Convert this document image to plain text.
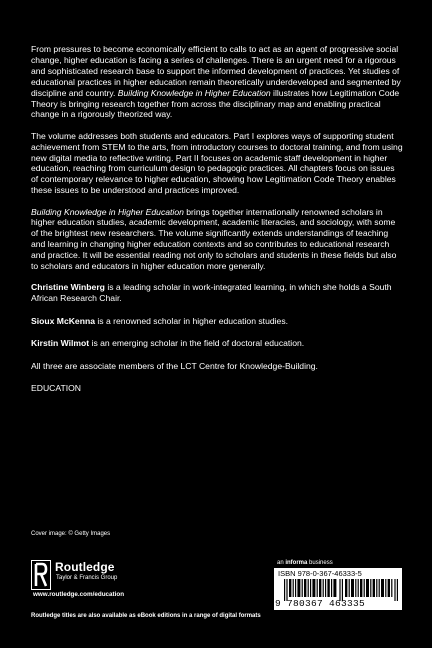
From pressures to become economically efficient to calls to act as an agent of progressive social change, higher education is facing a series of challenges. There is an urgent need for a rigorous and sophisticated research base to support the informed development of practices. Yet studies of educational practices in higher education remain theoretically underdeveloped and segmented by discipline and country. Building Knowledge in Higher Education illustrates how Legitimation Code Theory is bringing research together from across the disciplinary map and enabling practical change in a rigorously theorized way.

The volume addresses both students and educators. Part I explores ways of supporting student achievement from STEM to the arts, from introductory courses to doctoral training, and from using new digital media to reflective writing. Part II focuses on academic staff development in higher education, reaching from curriculum design to pedagogic practices. All chapters focus on issues of contemporary relevance to higher education, showing how Legitimation Code Theory enables these issues to be understood and practices improved.

Building Knowledge in Higher Education brings together internationally renowned scholars in higher education studies, academic development, academic literacies, and sociology, with some of the brightest new researchers. The volume significantly extends understandings of teaching and learning in changing higher education contexts and so contributes to educational research and practice. It will be essential reading not only to scholars and students in these fields but also to scholars and educators in higher education more generally.

Christine Winberg is a leading scholar in work-integrated learning, in which she holds a South African Research Chair.

Sioux McKenna is a renowned scholar in higher education studies.

Kirstin Wilmot is an emerging scholar in the field of doctoral education.

All three are associate members of the LCT Centre for Knowledge-Building.

EDUCATION

Cover image: © Getty Images
Routledge
Taylor & Francis Group
www.routledge.com/education
an informa business
ISBN 978-0-367-46333-5
9 780367 463335
Routledge titles are also available as eBook editions in a range of digital formats
